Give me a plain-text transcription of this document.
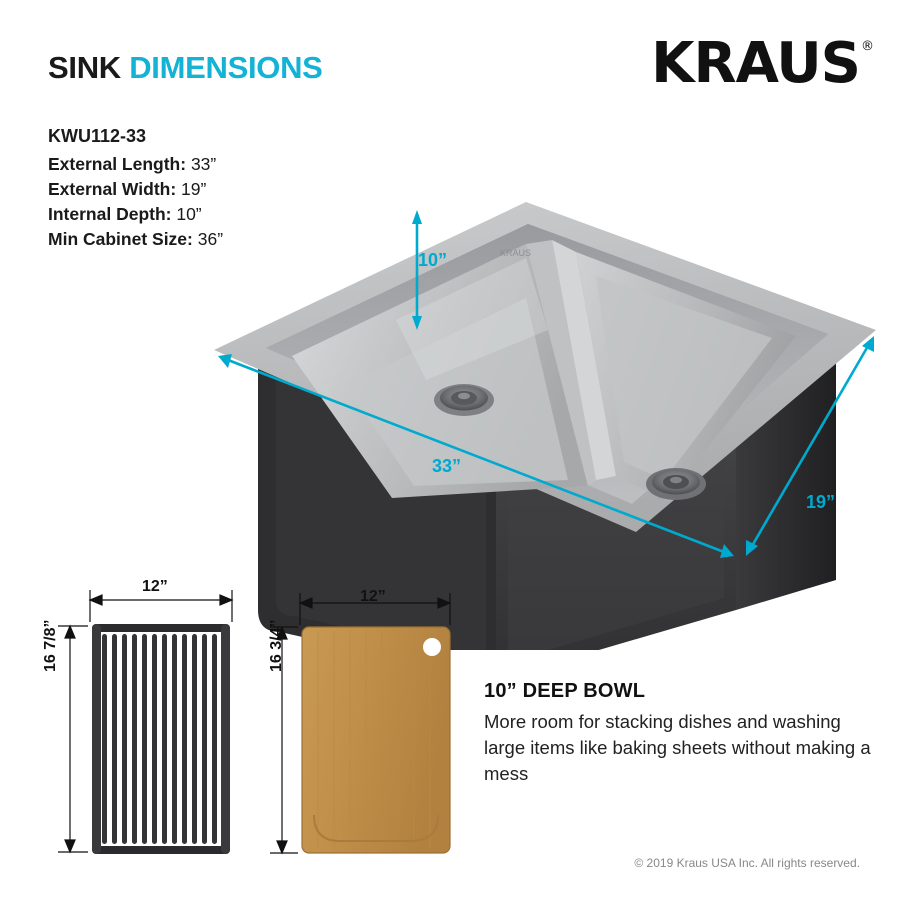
SINK DIMENSIONS	KRAUS ®
KWU112-33
External Length: 33”
External Width: 19”
Internal Depth: 10”
Min Cabinet Size: 36”
KRAUS
10”
33”
19”
12”
12”
16 7/8”	16 3/4”
10” DEEP BOWL

More room for stacking dishes and washing large items like baking sheets without making a mess

© 2019 Kraus USA Inc. All rights reserved.
